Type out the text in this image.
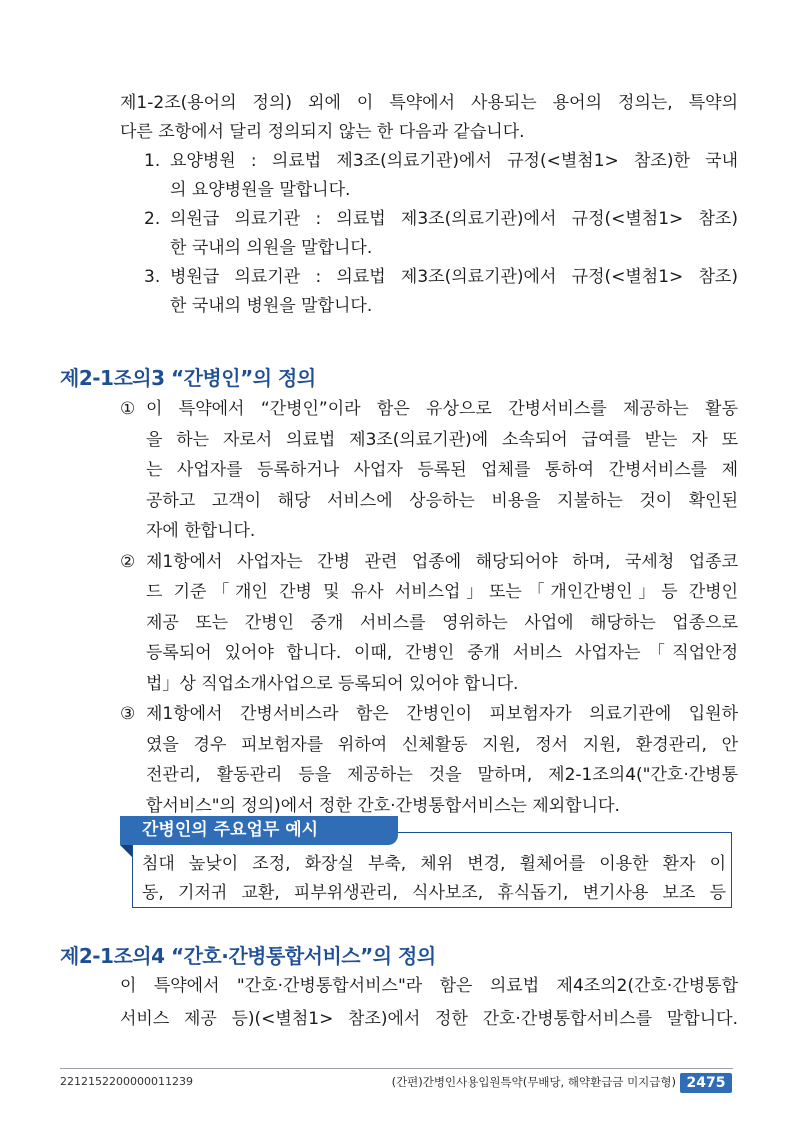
제1-2조(용어의 정의) 외에 이 특약에서 사용되는 용어의 정의는, 특약의

다른 조항에서 달리 정의되지 않는 한 다음과 같습니다.

1. 요양병원 : 의료법 제3조(의료기관)에서 규정(<별첨1> 참조)한 국내
의 요양병원을 말합니다.
2. 의원급 의료기관 : 의료법 제3조(의료기관)에서 규정(<별첨1> 참조)
한 국내의 의원을 말합니다.
3. 병원급 의료기관 : 의료법 제3조(의료기관)에서 규정(<별첨1> 참조)
한 국내의 병원을 말합니다.
제2-1조의3 “간병인”의 정의
① 이 특약에서 “간병인”이라 함은 유상으로 간병서비스를 제공하는 활동
을 하는 자로서 의료법 제3조(의료기관)에 소속되어 급여를 받는 자 또
는 사업자를 등록하거나 사업자 등록된 업체를 통하여 간병서비스를 제
공하고 고객이 해당 서비스에 상응하는 비용을 지불하는 것이 확인된
자에 한합니다.
② 제1항에서 사업자는 간병 관련 업종에 해당되어야 하며, 국세청 업종코
드 기준「개인 간병 및 유사 서비스업」또는「개인간병인」등 간병인
제공 또는 간병인 중개 서비스를 영위하는 사업에 해당하는 업종으로
등록되어 있어야 합니다. 이때, 간병인 중개 서비스 사업자는「직업안정
법」상 직업소개사업으로 등록되어 있어야 합니다.
③ 제1항에서 간병서비스라 함은 간병인이 피보험자가 의료기관에 입원하
였을 경우 피보험자를 위하여 신체활동 지원, 정서 지원, 환경관리, 안
전관리, 활동관리 등을 제공하는 것을 말하며, 제2-1조의4("간호·간병통
합서비스"의 정의)에서 정한 간호·간병통합서비스는 제외합니다.
간병인의 주요업무 예시
침대 높낮이 조정, 화장실 부축, 체위 변경, 휠체어를 이용한 환자 이
동, 기저귀 교환, 피부위생관리, 식사보조, 휴식돕기, 변기사용 보조 등
제2-1조의4 “간호·간병통합서비스”의 정의
이 특약에서 "간호·간병통합서비스"라 함은 의료법 제4조의2(간호·간병통합
서비스 제공 등)(<별첨1> 참조)에서 정한 간호·간병통합서비스를 말합니다.
2212152200000011239	(간편)간병인사용입원특약(무배당, 해약환급금 미지급형) 2475
